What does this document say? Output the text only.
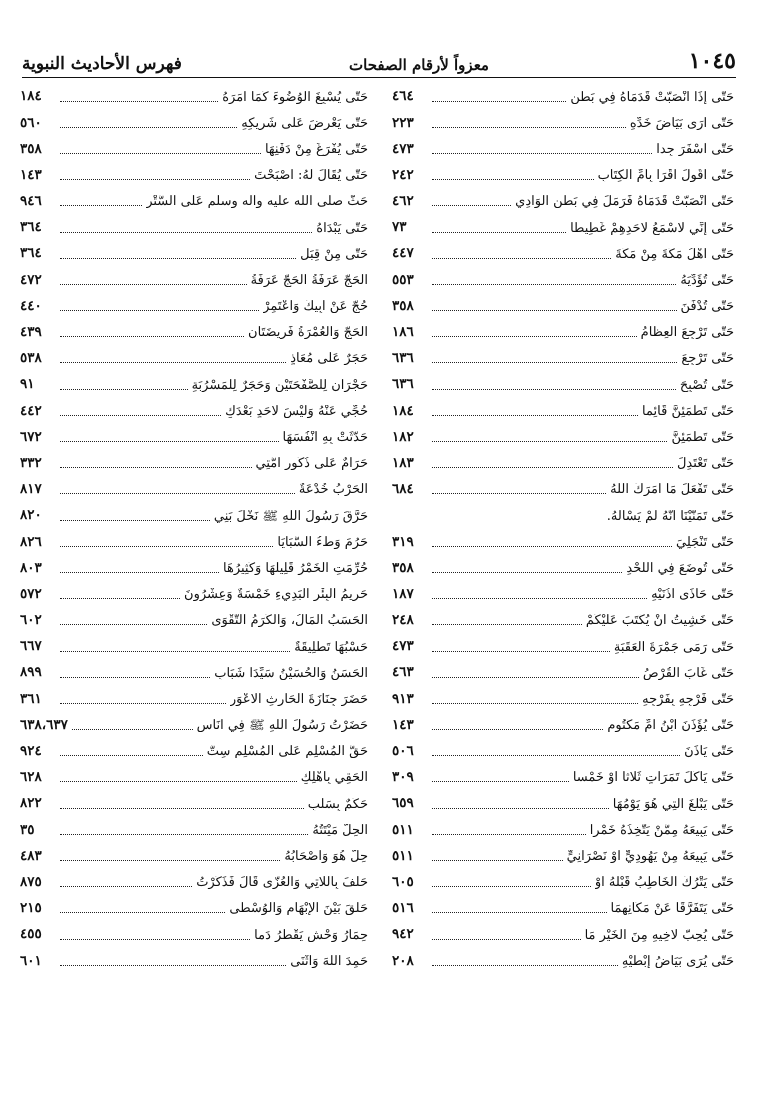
١٠٤٥
معزواً لأرقام الصفحات
فهرس الأحاديث النبوية
حَتَّى إذَا انْصَبَّتْ قَدَمَاهُ فِي بَطْنِ
٤٦٤
حَتَّى أَرَى بَيَاضَ خَدِّهِ
٢٢٣
حَتَّى أَسْفَرَ جِداً
٤٧٣
حَتَّى أَقُولَ اقْرَأْ بِأُمِّ الْكِتَابِ
٢٤٢
حَتَّى انْصَبَّتْ قَدَمَاهُ فَرَمَلَ فِي بَطْنِ الْوَادِي
٤٦٢
حَتَّى إِنِّي لأَسْمَعُ لأَحَدِهِمْ غَطِيطاً
٧٣
حَتَّى أَهْلُ مَكَّةَ مِنْ مَكَّةَ
٤٤٧
حَتَّى تُؤَدِّيَهُ
٥٥٣
حَتَّى تُدْفَنَ
٣٥٨
حَتَّى تَرْجِعَ الْعِظَامُ
١٨٦
حَتَّى تَرْجِعَ
٦٣٦
حَتَّى تُصْبِحَ
٦٣٦
حَتَّى تَطْمَئِنَّ قَائِماً
١٨٤
حَتَّى تَطْمَئِنَّ
١٨٢
حَتَّى تَعْتَدِلَ
١٨٣
حَتَّى تَفْعَلَ مَا أَمَرَكَ اللَّهُ
٦٨٤
حَتَّى تَمَنَّيْنَا أَنَّهُ لَمْ يَسْأَلْهُ.
حَتَّى تَنْجَلِيَ
٣١٩
حَتَّى تُوضَعَ فِي اللَّحْدِ
٣٥٨
حَتَّى حَاذَى أُذُنَيْهِ
١٨٧
حَتَّى خَشِيتُ أَنْ يُكْتَبَ عَلَيْكُمْ
٢٤٨
حَتَّى رَمَى جَمْرَةَ الْعَقَبَةِ
٤٧٣
حَتَّى غَابَ الْقُرْصُ
٤٦٣
حَتَّى فَرْجِهِ بِفَرْجِهِ
٩١٣
حَتَّى يُؤَذِّنَ ابْنُ أُمِّ مَكْتُومٍ
١٤٣
حَتَّى يَأْذَنَ
٥٠٦
حَتَّى يَأْكُلَ تَمَرَاتٍ ثَلاثاً أَوْ خَمْساً
٣٠٩
حَتَّى يَبْلُغَ الَّتِي هُوَ يَوْمُهَا
٦٥٩
حَتَّى يَبِيعَهُ مِمَّنْ يَتَّخِذُهُ خَمْراً
٥١١
حَتَّى يَبِيعَهُ مِنْ يَهُودِيٍّ أَوْ نَصْرَانِيٍّ
٥١١
حَتَّى يَتْرُكَ الْخَاطِبُ قَبْلَهُ أَوْ
٦٠٥
حَتَّى يَتَفَرَّقَا عَنْ مَكَانِهِمَا
٥١٦
حَتَّى يُحِبَّ لأَخِيهِ مِنَ الْخَيْرِ مَا
٩٤٢
حَتَّى يُرَى بَيَاضُ إِبْطَيْهِ
٢٠٨
حَتَّى يُسْبِغَ الْوُضُوءَ كَمَا أَمَرَهُ
١٨٤
حَتَّى يَعْرِضَ عَلَى شَرِيكِهِ
٥٦٠
حَتَّى يُفْرَغَ مِنْ دَفْنِهَا
٣٥٨
حَتَّى يُقَالَ لَهُ: أَصْبَحْتَ
١٤٣
حَثَّ صلى الله عليه وآله وسلم عَلَى السَّتْرِ
٩٤٦
حَتَّى يَبْدَأَهُ
٣٦٤
حَتَّى مِنْ قِبَلِ
٣٦٤
الْحَجُّ عَرَفَةُ الْحَجُّ عَرَفَةُ
٤٧٢
حُجَّ عَنْ أَبِيكَ وَاعْتَمِرْ
٤٤٠
الْحَجُّ وَالْعُمْرَةُ فَرِيضَتَانِ
٤٣٩
حَجَرٌ عَلَى مُعَاذٍ
٥٣٨
حَجْرَانِ لِلصَّفْحَتَيْنِ وَحَجَرٌ لِلْمَسْرُبَةِ
٩١
حُجِّي عَنْهُ وَلَيْسَ لأَحَدٍ بَعْدَكِ
٤٤٢
حَدَّثَتْ بِهِ أَنْفُسَهَا
٦٧٢
حَرَامٌ عَلَى ذُكُورِ أُمَّتِي
٣٣٢
الْحَرْبُ خُدْعَةٌ
٨١٧
حَرَّقَ رَسُولُ اللَّهِ ﷺ نَخْلَ بَنِي
٨٢٠
حَرُمَ وَطْءُ السَّبَايَا
٨٢٦
حُرِّمَتِ الْخَمْرُ قَلِيلُهَا وَكَثِيرُهَا
٨٠٣
حَرِيمُ الْبِئْرِ الْبَدِيءِ خَمْسَةٌ وَعِشْرُونَ
٥٧٢
الْحَسَبُ الْمَالُ، وَالْكَرَمُ التَّقْوَى
٦٠٢
حَسْبُهَا تَطْلِيقَةٌ
٦٦٧
الْحَسَنُ وَالْحُسَيْنُ سَيِّدَا شَبَابِ
٨٩٩
حَضَرَ جِنَازَةَ الْحَارِثِ الأَعْوَرِ
٣٦١
حَضَرْتُ رَسُولَ اللَّهِ ﷺ فِي أُنَاسٍ
٦٣٨،٦٣٧
حَقُّ الْمُسْلِمِ عَلَى الْمُسْلِمِ سِتٌّ
٩٢٤
الْحَقِي بِأَهْلِكِ
٦٢٨
حَكَمٌ بِسَلَبِ
٨٢٢
الْحِلُّ مَيْتَتُهُ
٣٥
حِلٌّ هُوَ وَأَصْحَابُهُ
٤٨٣
حَلَفَ بِاللاتِي وَالْعُزَّى قَالَ فَذَكَرْتُ
٨٧٥
حَلَّقَ بَيْنَ الإِبْهَامِ وَالْوُسْطَى
٢١٥
حِمَارُ وَحْشٍ يَقْطُرُ دَماً
٤٥٥
حَمِدَ اللَّهَ وَأَثْنَى
٦٠١
